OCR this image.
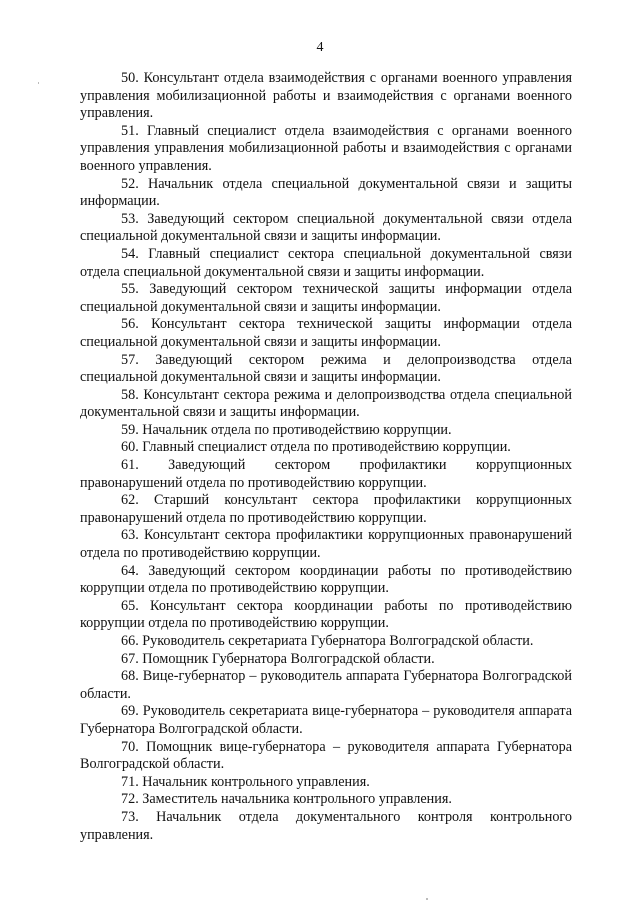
4

50. Консультант отдела взаимодействия с органами военного управления управления мобилизационной работы и взаимодействия с органами военного управления.

51. Главный специалист отдела взаимодействия с органами военного управления управления мобилизационной работы и взаимодействия с органами военного управления.

52. Начальник отдела специальной документальной связи и защиты информации.

53. Заведующий сектором специальной документальной связи отдела специальной документальной связи и защиты информации.

54. Главный специалист сектора специальной документальной связи отдела специальной документальной связи и защиты информации.

55. Заведующий сектором технической защиты информации отдела специальной документальной связи и защиты информации.

56. Консультант сектора технической защиты информации отдела специальной документальной связи и защиты информации.

57. Заведующий сектором режима и делопроизводства отдела специальной документальной связи и защиты информации.

58. Консультант сектора режима и делопроизводства отдела специальной документальной связи и защиты информации.

59. Начальник отдела по противодействию коррупции.

60. Главный специалист отдела по противодействию коррупции.

61. Заведующий сектором профилактики коррупционных правонарушений отдела по противодействию коррупции.

62. Старший консультант сектора профилактики коррупционных правонарушений отдела по противодействию коррупции.

63. Консультант сектора профилактики коррупционных правонарушений отдела по противодействию коррупции.

64. Заведующий сектором координации работы по противодействию коррупции отдела по противодействию коррупции.

65. Консультант сектора координации работы по противодействию коррупции отдела по противодействию коррупции.

66. Руководитель секретариата Губернатора Волгоградской области.

67. Помощник Губернатора Волгоградской области.

68. Вице-губернатор – руководитель аппарата Губернатора Волгоградской области.

69. Руководитель секретариата вице-губернатора – руководителя аппарата Губернатора Волгоградской области.

70. Помощник вице-губернатора – руководителя аппарата Губернатора Волгоградской области.

71. Начальник контрольного управления.

72. Заместитель начальника контрольного управления.

73. Начальник отдела документального контроля контрольного управления.
